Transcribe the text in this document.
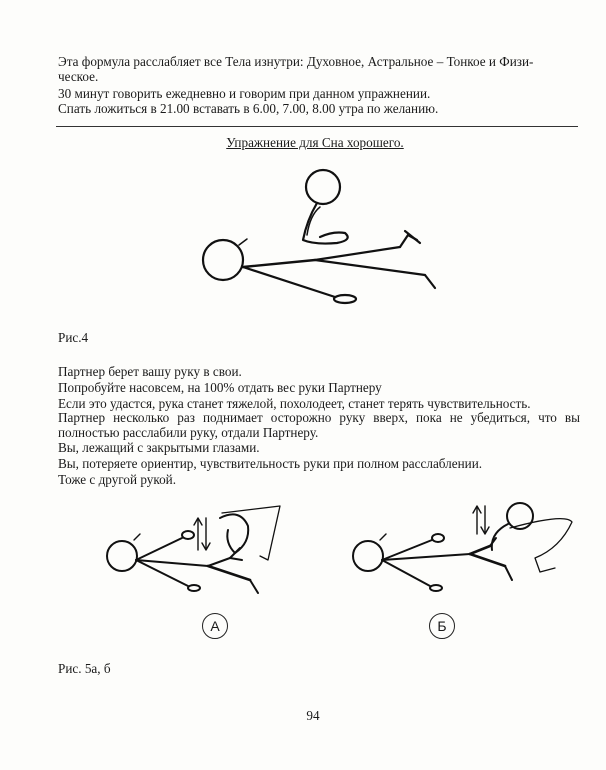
Эта формула расслабляет все Тела изнутри: Духовное, Астральное – Тонкое и Физи-
ческое.
30 минут говорить ежедневно и говорим при данном упражнении.
Спать ложиться в 21.00 вставать в 6.00, 7.00, 8.00 утра по желанию.
Упражнение для Сна хорошего.
Рис.4
Партнер берет вашу руку в свои.
Попробуйте насовсем, на 100% отдать вес руки Партнеру
Если это удастся, рука станет тяжелой, похолодеет, станет терять чувствительность.
Партнер несколько раз поднимает осторожно руку вверх, пока не убедиться, что вы полностью расслабили руку, отдали Партнеру.
Вы, лежащий с закрытыми глазами.
Вы, потеряете ориентир, чувствительность руки при полном расслаблении.
Тоже с другой рукой.
А	Б
Рис. 5а, б
94
